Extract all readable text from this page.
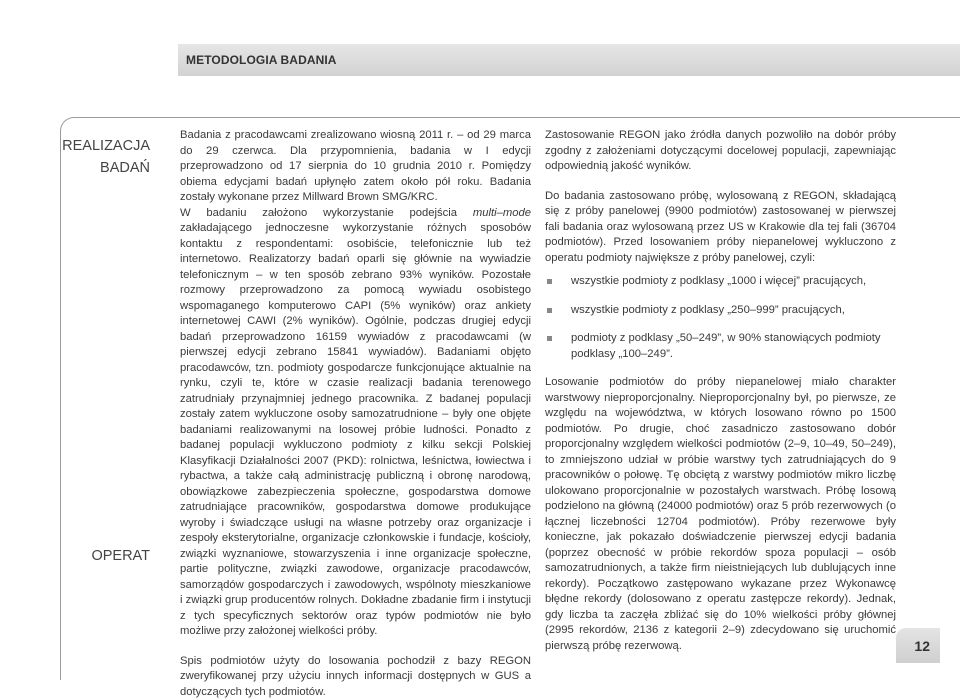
METODOLOGIA BADANIA
REALIZACJA
BADAŃ
OPERAT

Badania z pracodawcami zrealizowano wiosną 2011 r. – od 29 marca do 29 czerwca. Dla przypomnienia, badania w I edycji przeprowadzono od 17 sierpnia do 10 grudnia 2010 r. Pomiędzy obiema edycjami badań upłynęło zatem około pół roku. Badania zostały wykonane przez Millward Brown SMG/KRC.

W badaniu założono wykorzystanie podejścia multi–mode zakładającego jednoczesne wykorzystanie różnych sposobów kontaktu z respondentami: osobiście, telefonicznie lub też internetowo. Realizatorzy badań oparli się głównie na wywiadzie telefonicznym – w ten sposób zebrano 93% wyników. Pozostałe rozmowy przeprowadzono za pomocą wywiadu osobistego wspomaganego komputerowo CAPI (5% wyników) oraz ankiety internetowej CAWI (2% wyników). Ogólnie, podczas drugiej edycji badań przeprowadzono 16159 wywiadów z pracodawcami (w pierwszej edycji zebrano 15841 wywiadów). Badaniami objęto pracodawców, tzn. podmioty gospodarcze funkcjonujące aktualnie na rynku, czyli te, które w czasie realizacji badania terenowego zatrudniały przynajmniej jednego pracownika. Z badanej populacji zostały zatem wykluczone osoby samozatrudnione – były one objęte badaniami realizowanymi na losowej próbie ludności. Ponadto z badanej populacji wykluczono podmioty z kilku sekcji Polskiej Klasyfikacji Działalności 2007 (PKD): rolnictwa, leśnictwa, łowiectwa i rybactwa, a także całą administrację publiczną i obronę narodową, obowiązkowe zabezpieczenia społeczne, gospodarstwa domowe zatrudniające pracowników, gospodarstwa domowe produkujące wyroby i świadczące usługi na własne potrzeby oraz organizacje i zespoły eksterytorialne, organizacje członkowskie i fundacje, kościoły, związki wyznaniowe, stowarzyszenia i inne organizacje społeczne, partie polityczne, związki zawodowe, organizacje pracodawców, samorządów gospodarczych i zawodowych, wspólnoty mieszkaniowe i związki grup producentów rolnych. Dokładne zbadanie firm i instytucji z tych specyficznych sektorów oraz typów podmiotów nie było możliwe przy założonej wielkości próby.

Spis podmiotów użyty do losowania pochodził z bazy REGON zweryfikowanej przy użyciu innych informacji dostępnych w GUS a dotyczących tych podmiotów.

Zastosowanie REGON jako źródła danych pozwoliło na dobór próby zgodny z założeniami dotyczącymi docelowej populacji, zapewniając odpowiednią jakość wyników.

Do badania zastosowano próbę, wylosowaną z REGON, składającą się z próby panelowej (9900 podmiotów) zastosowanej w pierwszej fali badania oraz wylosowaną przez US w Krakowie dla tej fali (36704 podmiotów). Przed losowaniem próby niepanelowej wykluczono z operatu podmioty największe z próby panelowej, czyli:

wszystkie podmioty z podklasy „1000 i więcej” pracujących,
wszystkie podmioty z podklasy „250–999” pracujących,
podmioty z podklasy „50–249”, w 90% stanowiących podmioty podklasy „100–249”.

Losowanie podmiotów do próby niepanelowej miało charakter warstwowy nieproporcjonalny. Nieproporcjonalny był, po pierwsze, ze względu na województwa, w których losowano równo po 1500 podmiotów. Po drugie, choć zasadniczo zastosowano dobór proporcjonalny względem wielkości podmiotów (2–9, 10–49, 50–249), to zmniejszono udział w próbie warstwy tych zatrudniających do 9 pracowników o połowę. Tę obciętą z warstwy podmiotów mikro liczbę ulokowano proporcjonalnie w pozostałych warstwach. Próbę losową podzielono na główną (24000 podmiotów) oraz 5 prób rezerwowych (o łącznej liczebności 12704 podmiotów). Próby rezerwowe były konieczne, jak pokazało doświadczenie pierwszej edycji badania (poprzez obecność w próbie rekordów spoza populacji – osób samozatrudnionych, a także firm nieistniejących lub dublujących inne rekordy). Początkowo zastępowano wykazane przez Wykonawcę błędne rekordy (dolosowano z operatu zastępcze rekordy). Jednak, gdy liczba ta zaczęła zbliżać się do 10% wielkości próby głównej (2995 rekordów, 2136 z kategorii 2–9) zdecydowano się uruchomić pierwszą próbę rezerwową.	12
